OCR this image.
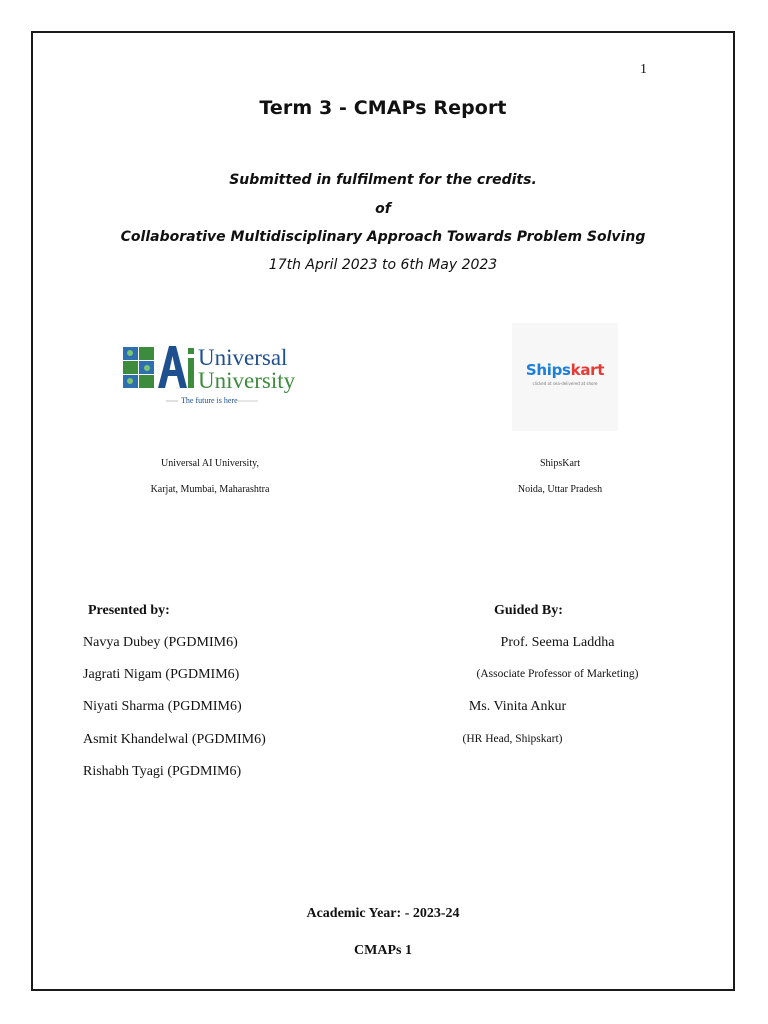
1
Term 3 - CMAPs Report
Submitted in fulfilment for the credits.
of
Collaborative Multidisciplinary Approach Towards Problem Solving
17th April 2023 to 6th May 2023
Universal
University
The future is here
Shipskart
clicked at sea-delivered at shore
Universal AI University,
Karjat, Mumbai, Maharashtra
ShipsKart
Noida, Uttar Pradesh
Presented by:	Guided By:
Navya Dubey (PGDMIM6)
Jagrati Nigam (PGDMIM6)
Niyati Sharma (PGDMIM6)
Asmit Khandelwal (PGDMIM6)
Rishabh Tyagi (PGDMIM6)
Prof. Seema Laddha
(Associate Professor of Marketing)
Ms. Vinita Ankur
(HR Head, Shipskart)
Academic Year: - 2023-24
CMAPs 1
